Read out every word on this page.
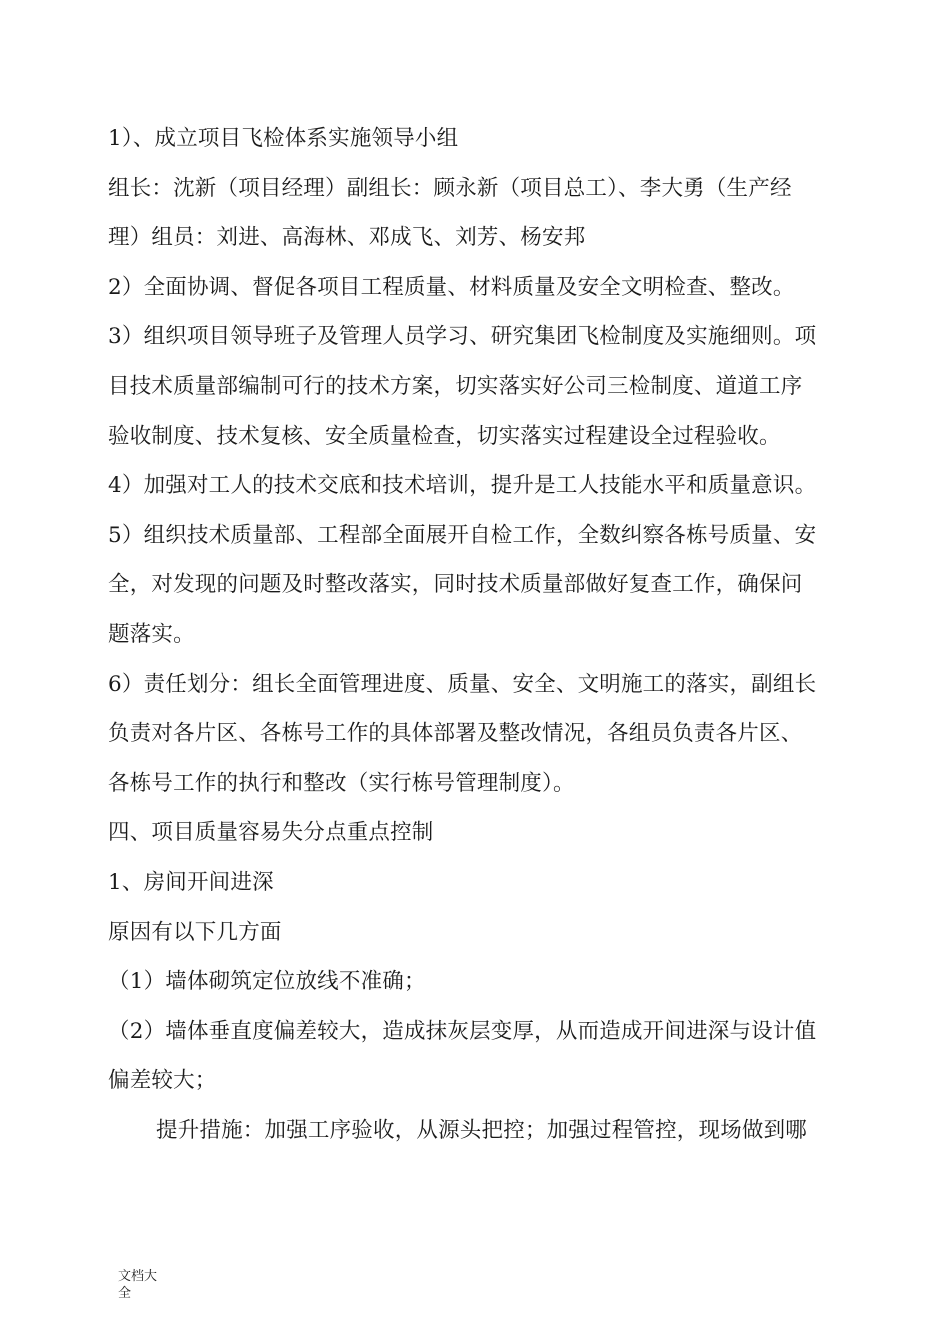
1）、成立项目飞检体系实施领导小组

组长：沈新（项目经理）副组长：顾永新（项目总工）、李大勇（生产经

理）组员：刘进、高海林、邓成飞、刘芳、杨安邦

2）全面协调、督促各项目工程质量、材料质量及安全文明检查、整改。

3）组织项目领导班子及管理人员学习、研究集团飞检制度及实施细则。项

目技术质量部编制可行的技术方案，切实落实好公司三检制度、道道工序

验收制度、技术复核、安全质量检查，切实落实过程建设全过程验收。

4）加强对工人的技术交底和技术培训，提升是工人技能水平和质量意识。

5）组织技术质量部、工程部全面展开自检工作，全数纠察各栋号质量、安

全，对发现的问题及时整改落实，同时技术质量部做好复查工作，确保问

题落实。

6）责任划分：组长全面管理进度、质量、安全、文明施工的落实，副组长

负责对各片区、各栋号工作的具体部署及整改情况，各组员负责各片区、

各栋号工作的执行和整改（实行栋号管理制度）。

四、项目质量容易失分点重点控制

1、房间开间进深

原因有以下几方面

（1）墙体砌筑定位放线不准确；

（2）墙体垂直度偏差较大，造成抹灰层变厚，从而造成开间进深与设计值

偏差较大；

提升措施：加强工序验收，从源头把控；加强过程管控，现场做到哪

文档大
全
